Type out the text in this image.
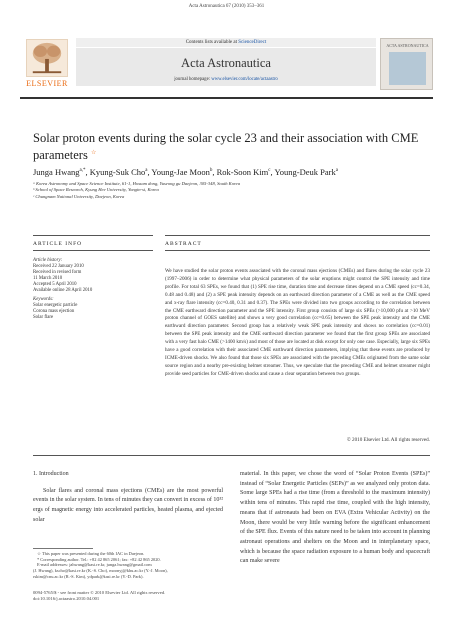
Acta Astronautica 67 (2010) 353–361
ELSEVIER
Contents lists available at ScienceDirect
Acta Astronautica
journal homepage: www.elsevier.com/locate/actaastro
ACTA ASTRONAUTICA
Solar proton events during the solar cycle 23 and their association with CME parameters ☆
Junga Hwang$^{a,*}$, Kyung-Suk Cho$^a$, Young-Jae Moon$^b$, Rok-Soon Kim$^c$, Young-Deuk Park$^a$
ᵃ Korea Astronomy and Space Science Institute, 61-1, Hwaam dong, Yuseong gu Daejeon, 305-348, South Korea
ᵇ School of Space Research, Kyung Hee University, Yongin-si, Korea
ᶜ Chungnam National University, Daejeon, Korea
ARTICLE INFO	ABSTRACT
Article history:
Received 22 January 2010
Received in revised form
11 March 2010
Accepted 5 April 2010
Available online 28 April 2010
Keywords:
Solar energetic particle
Corona mass ejection
Solar flare
We have studied the solar proton events associated with the coronal mass ejections (CMEs) and flares during the solar cycle 23 (1997–2006) in order to determine what physical parameters of the solar eruptions might control the SPE intensity and time profile. For total 63 SPEs, we found that (1) SPE rise time, duration time and decrease times depend on a CME speed (cc=0.34, 0.48 and 0.48) and (2) a SPE peak intensity depends on an earthward direction parameter of a CME as well as the CME speed and x-ray flare intensity (cc=0.40, 0.31 and 0.37). The SPEs were divided into two groups according to the correlation between the CME earthward direction parameter and the SPE intensity. First group consists of large six SPEs (>10,000 pfu at >10 MeV proton channel of GOES satellite) and shows a very good correlation (cc=0.65) between the SPE peak intensity and the CME earthward direction parameter. Second group has a relatively weak SPE peak intensity and shows no correlation (cc=0.01) between the SPE peak intensity and the CME earthward direction parameter we found that the first group SPEs are associated with a very fast halo CME (>1400 km/s) and most of those are located at disk except for only one case. Especially, large six SPEs have a good correlation with their associated CME earthward direction parameters, implying that these events are produced by ICME-driven shocks. We also found that those six SPEs are associated with the preceding CMEs originated from the same solar source region and a nearby pre-existing helmet streamer. Thus, we speculate that the preceding CME and helmet streamer might provide seed particles for CME-driven shocks and cause a clear separation between two groups.
© 2010 Elsevier Ltd. All rights reserved.
1. Introduction
Solar flares and coronal mass ejections (CMEs) are the most powerful events in the solar system. In tens of minutes they can convert in excess of 10³² ergs of magnetic energy into accelerated particles, heated plasma, and ejected solar
material. In this paper, we chose the word of “Solar Proton Events (SPEs)” instead of “Solar Energetic Particles (SEPs)” as we analyzed only proton data. Some large SPEs had a rise time (from a threshold to the maximum intensity) within tens of minutes. This rapid rise time, coupled with the high intensity, means that if astronauts had been on EVA (Extra Vehicular Activity) on the Moon, there would be very little warning before the significant enhancement of the SPE flux. Events of this nature need to be taken into account in planning astronaut operations and shelters on the Moon and in interplanetary space, which is because the space radiation exposure to a human body and spacecraft can make severe
☆ This paper was presented during the 60th IAC in Daejeon.
* Corresponding author. Tel.: +82 42 865 2061; fax: +82 42 865 2020.
E-mail addresses: jahwang@kasi.re.kr, junga.hwang@gmail.com
(J. Hwang), kscho@kasi.re.kr (K.-S. Cho), moonyj@khu.ac.kr (Y.-J. Moon),
rskim@cnu.ac.kr (R.-S. Kim), ydpark@kasi.re.kr (Y.-D. Park).
0094-5765/$ - see front matter © 2010 Elsevier Ltd. All rights reserved.
doi:10.1016/j.actaastro.2010.04.001
